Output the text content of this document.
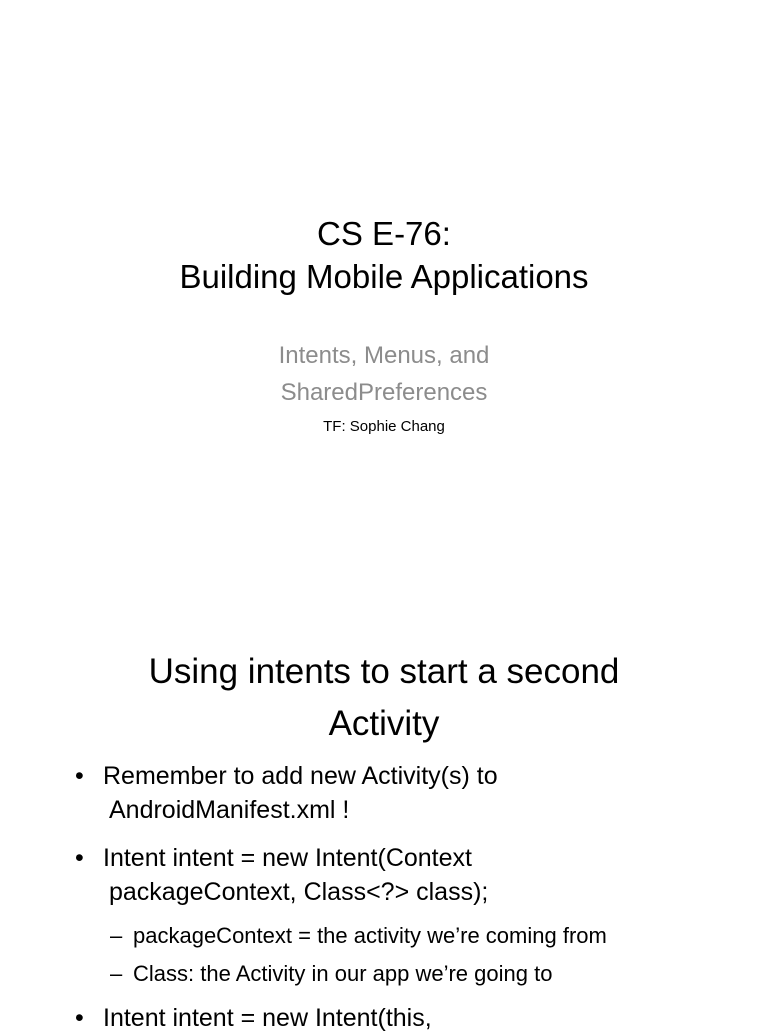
CS E-76:
Building Mobile Applications
Intents, Menus, and
SharedPreferences
TF: Sophie Chang
Using intents to start a second
Activity
• Remember to add new Activity(s) to
AndroidManifest.xml !
• Intent intent = new Intent(Context
packageContext, Class<?> class);
– packageContext = the activity we’re coming from
– Class: the Activity in our app we’re going to
• Intent intent = new Intent(this,
